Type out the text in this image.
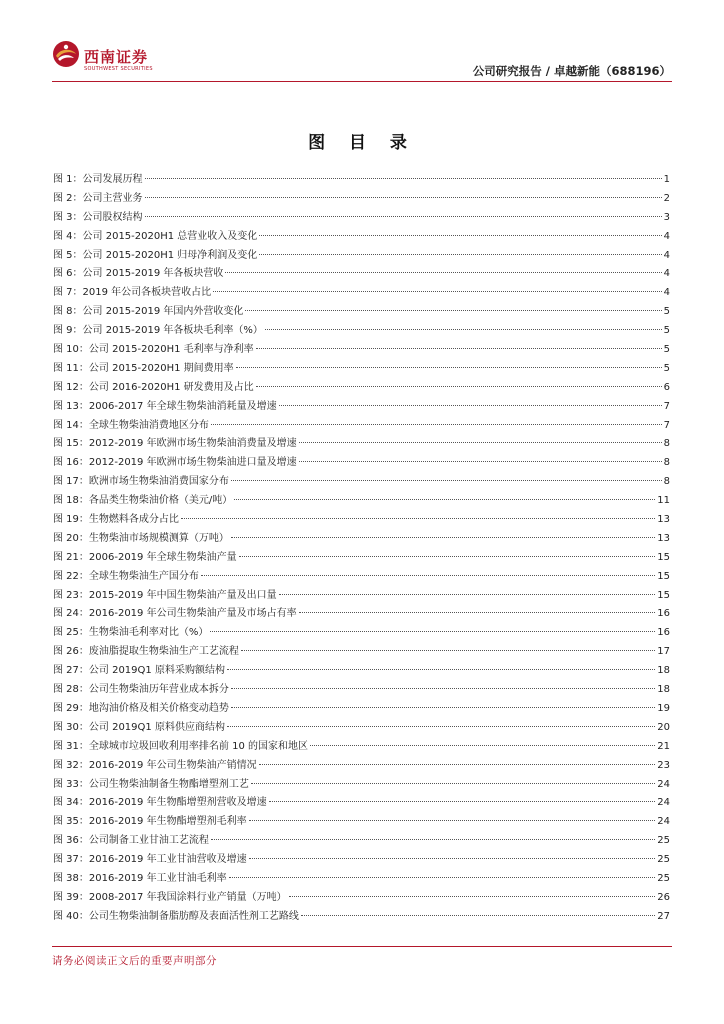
西南证券
SOUTHWEST SECURITIES	公司研究报告 / 卓越新能（688196）
图 目 录
图 1：公司发展历程	1
图 2：公司主营业务	2
图 3：公司股权结构	3
图 4：公司 2015-2020H1 总营业收入及变化	4
图 5：公司 2015-2020H1 归母净利润及变化	4
图 6：公司 2015-2019 年各板块营收	4
图 7：2019 年公司各板块营收占比	4
图 8：公司 2015-2019 年国内外营收变化	5
图 9：公司 2015-2019 年各板块毛利率（%）	5
图 10：公司 2015-2020H1 毛利率与净利率	5
图 11：公司 2015-2020H1 期间费用率	5
图 12：公司 2016-2020H1 研发费用及占比	6
图 13：2006-2017 年全球生物柴油消耗量及增速	7
图 14：全球生物柴油消费地区分布	7
图 15：2012-2019 年欧洲市场生物柴油消费量及增速	8
图 16：2012-2019 年欧洲市场生物柴油进口量及增速	8
图 17：欧洲市场生物柴油消费国家分布	8
图 18：各品类生物柴油价格（美元/吨）	11
图 19：生物燃料各成分占比	13
图 20：生物柴油市场规模测算（万吨）	13
图 21：2006-2019 年全球生物柴油产量	15
图 22：全球生物柴油生产国分布	15
图 23：2015-2019 年中国生物柴油产量及出口量	15
图 24：2016-2019 年公司生物柴油产量及市场占有率	16
图 25：生物柴油毛利率对比（%）	16
图 26：废油脂提取生物柴油生产工艺流程	17
图 27：公司 2019Q1 原料采购额结构	18
图 28：公司生物柴油历年营业成本拆分	18
图 29：地沟油价格及相关价格变动趋势	19
图 30：公司 2019Q1 原料供应商结构	20
图 31：全球城市垃圾回收利用率排名前 10 的国家和地区	21
图 32：2016-2019 年公司生物柴油产销情况	23
图 33：公司生物柴油制备生物酯增塑剂工艺	24
图 34：2016-2019 年生物酯增塑剂营收及增速	24
图 35：2016-2019 年生物酯增塑剂毛利率	24
图 36：公司制备工业甘油工艺流程	25
图 37：2016-2019 年工业甘油营收及增速	25
图 38：2016-2019 年工业甘油毛利率	25
图 39：2008-2017 年我国涂料行业产销量（万吨）	26
图 40：公司生物柴油制备脂肪醇及表面活性剂工艺路线	27
请务必阅读正文后的重要声明部分
